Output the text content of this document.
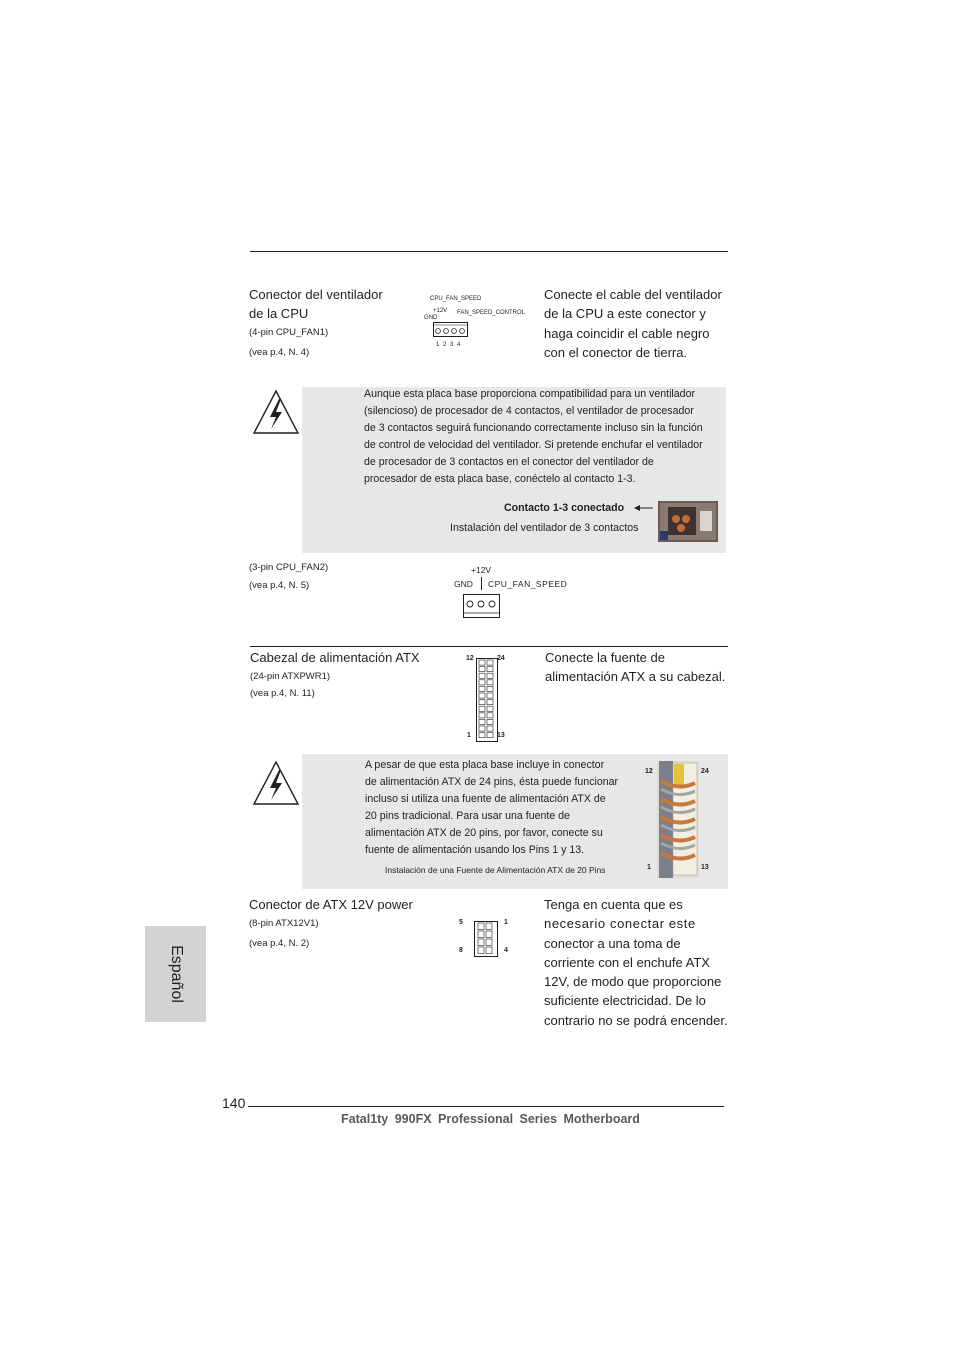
Conector del ventilador
de la CPU
(4-pin CPU_FAN1)
(vea p.4, N. 4)
CPU_FAN_SPEED
+12V
GND
FAN_SPEED_CONTROL
1 2 3 4
Conecte el cable del ventilador
de la CPU a este conector y
haga coincidir el cable negro
con el conector de tierra.
Aunque esta placa base proporciona compatibilidad para un ventilador
(silencioso) de procesador de 4 contactos, el ventilador de procesador
de 3 contactos seguirá funcionando correctamente incluso sin la función
de control de velocidad del ventilador. Si pretende enchufar el ventilador
de procesador de 3 contactos en el conector del ventilador de
procesador de esta placa base, conéctelo al contacto 1-3.
Contacto 1-3 conectado
Instalación del ventilador de 3 contactos
(3-pin CPU_FAN2)
(vea p.4, N. 5)
+12V
GND CPU_FAN_SPEED
Cabezal de alimentación ATX
(24-pin ATXPWR1)
(vea p.4, N. 11)
12	24
1	13
Conecte la fuente de
alimentación ATX a su cabezal.
A pesar de que esta placa base incluye in conector
de alimentación ATX de 24 pins, ésta puede funcionar
incluso si utiliza una fuente de alimentación ATX de
20 pins tradicional. Para usar una fuente de
alimentación ATX de 20 pins, por favor, conecte su
fuente de alimentación usando los Pins 1 y 13.
Instalación de una Fuente de Alimentación ATX de 20 Pins
12	24
1	13
Conector de ATX 12V power
(8-pin ATX12V1)
(vea p.4, N. 2)
5	1
8	4
Tenga en cuenta que es
necesario conectar este
conector a una toma de
corriente con el enchufe ATX
12V, de modo que proporcione
suficiente electricidad. De lo
contrario no se podrá encender.
Español
140
Fatal1ty 990FX Professional Series Motherboard
